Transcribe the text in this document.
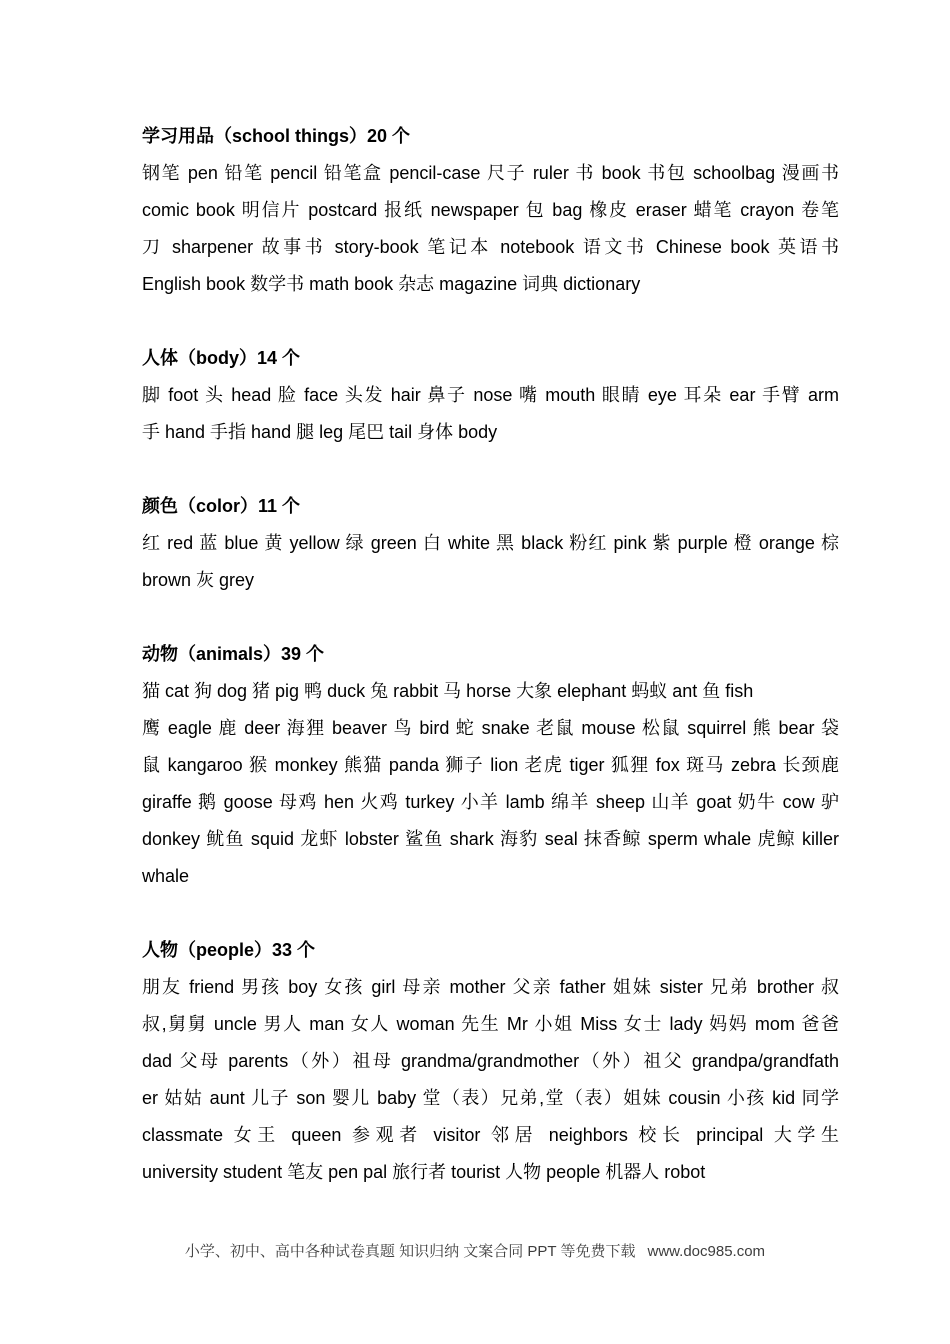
学习用品（school things）20 个
钢笔 pen 铅笔 pencil 铅笔盒 pencil-case 尺子 ruler 书 book 书包 schoolbag 漫画书
comic book 明信片 postcard 报纸 newspaper 包 bag 橡皮 eraser 蜡笔 crayon 卷笔
刀 sharpener 故事书 story-book 笔记本 notebook 语文书 Chinese book 英语书
English book 数学书 math book 杂志 magazine 词典 dictionary
人体（body）14 个
脚 foot 头 head 脸 face 头发 hair 鼻子 nose 嘴 mouth 眼睛 eye 耳朵 ear 手臂 arm
手 hand 手指 hand 腿 leg 尾巴 tail 身体 body
颜色（color）11 个
红 red 蓝 blue 黄 yellow 绿 green 白 white 黑 black 粉红 pink 紫 purple 橙 orange 棕
brown 灰 grey
动物（animals）39 个
猫 cat 狗 dog 猪 pig 鸭 duck 兔 rabbit 马 horse 大象 elephant 蚂蚁 ant 鱼 fish
鹰 eagle 鹿 deer 海狸 beaver 鸟 bird 蛇 snake 老鼠 mouse 松鼠 squirrel 熊 bear 袋
鼠 kangaroo 猴 monkey 熊猫 panda 狮子 lion 老虎 tiger 狐狸 fox 斑马 zebra 长颈鹿
giraffe 鹅 goose 母鸡 hen 火鸡 turkey 小羊 lamb 绵羊 sheep 山羊 goat 奶牛 cow 驴
donkey 鱿鱼 squid 龙虾 lobster 鲨鱼 shark 海豹 seal 抹香鲸 sperm whale 虎鲸 killer
whale
人物（people）33 个
朋友 friend 男孩 boy 女孩 girl 母亲 mother 父亲 father 姐妹 sister 兄弟 brother 叔
叔,舅舅 uncle 男人 man 女人 woman 先生 Mr 小姐 Miss 女士 lady 妈妈 mom 爸爸
dad 父母 parents（外）祖母 grandma/grandmother（外）祖父 grandpa/grandfath
er 姑姑 aunt 儿子 son 婴儿 baby 堂（表）兄弟,堂（表）姐妹 cousin 小孩 kid 同学
classmate 女王 queen 参观者 visitor 邻居 neighbors 校长 principal 大学生
university student 笔友 pen pal 旅行者 tourist 人物 people 机器人 robot
小学、初中、高中各种试卷真题 知识归纳 文案合同 PPT 等免费下载 www.doc985.com
